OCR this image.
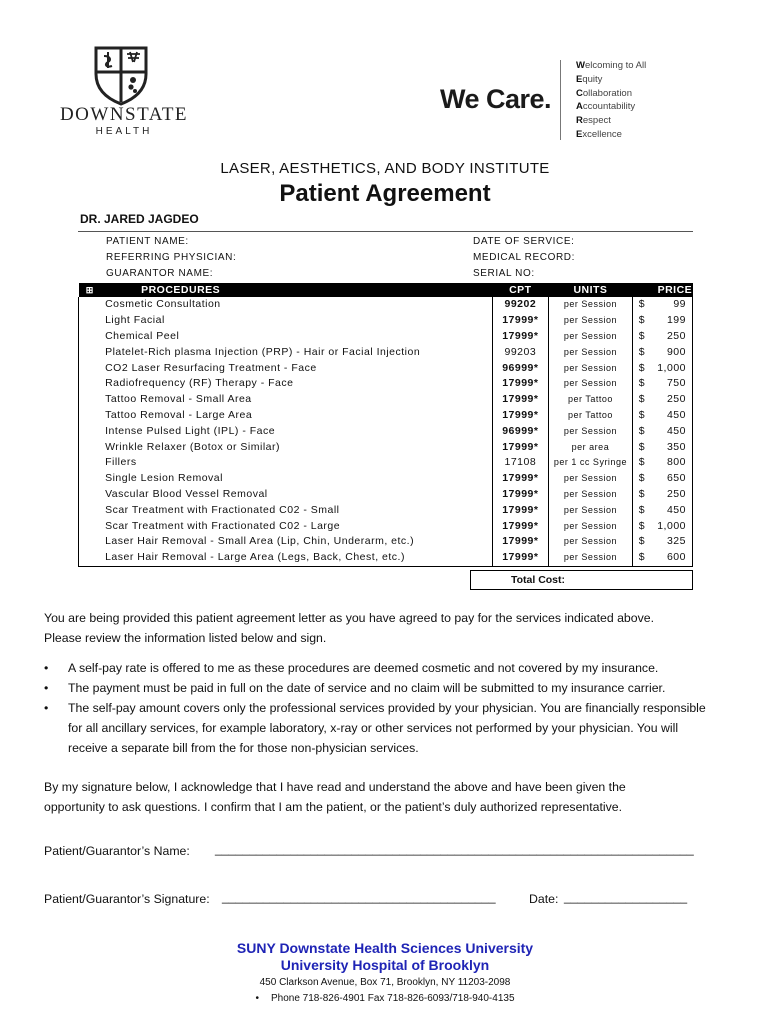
DOWNSTATE
HEALTH
We Care.
Welcoming to All
Equity
Collaboration
Accountability
Respect
Excellence
LASER, AESTHETICS, AND BODY INSTITUTE
Patient Agreement
DR. JARED JAGDEO
PATIENT NAME:
REFERRING PHYSICIAN:
GUARANTOR NAME:
DATE OF SERVICE:
MEDICAL RECORD:
SERIAL NO:
⊞	PROCEDURES	CPT	UNITS		PRICE
	Cosmetic Consultation	99202	per Session	$	99
	Light Facial	17999*	per Session	$	199
	Chemical Peel	17999*	per Session	$	250
	Platelet-Rich plasma Injection (PRP) - Hair or Facial Injection	99203	per Session	$	900
	CO2 Laser Resurfacing Treatment - Face	96999*	per Session	$	1,000
	Radiofrequency (RF) Therapy - Face	17999*	per Session	$	750
	Tattoo Removal - Small Area	17999*	per Tattoo	$	250
	Tattoo Removal - Large Area	17999*	per Tattoo	$	450
	Intense Pulsed Light (IPL) - Face	96999*	per Session	$	450
	Wrinkle Relaxer (Botox or Similar)	17999*	per area	$	350
	Fillers	17108	per 1 cc Syringe	$	800
	Single Lesion Removal	17999*	per Session	$	650
	Vascular Blood Vessel Removal	17999*	per Session	$	250
	Scar Treatment with Fractionated C02 - Small	17999*	per Session	$	450
	Scar Treatment with Fractionated C02 - Large	17999*	per Session	$	1,000
	Laser Hair Removal - Small Area (Lip, Chin, Underarm, etc.)	17999*	per Session	$	325
	Laser Hair Removal - Large Area (Legs, Back, Chest, etc.)	17999*	per Session	$	600
Total Cost:
You are being provided this patient agreement letter as you have agreed to pay for the services indicated above.
Please review the information listed below and sign.
• A self-pay rate is offered to me as these procedures are deemed cosmetic and not covered by my insurance.
• The payment must be paid in full on the date of service and no claim will be submitted to my insurance carrier.
• The self-pay amount covers only the professional services provided by your physician. You are financially responsible for all ancillary services, for example laboratory, x-ray or other services not performed by your physician. You will receive a separate bill from the for those non-physician services.
By my signature below, I acknowledge that I have read and understand the above and have been given the
opportunity to ask questions. I confirm that I am the patient, or the patient’s duly authorized representative.
Patient/Guarantor’s Name: ______________________________________________________________________
Patient/Guarantor’s Signature: ________________________________________	Date: __________________
SUNY Downstate Health Sciences University
University Hospital of Brooklyn
450 Clarkson Avenue, Box 71, Brooklyn, NY 11203-2098
• Phone 718-826-4901 Fax 718-826-6093/718-940-4135
